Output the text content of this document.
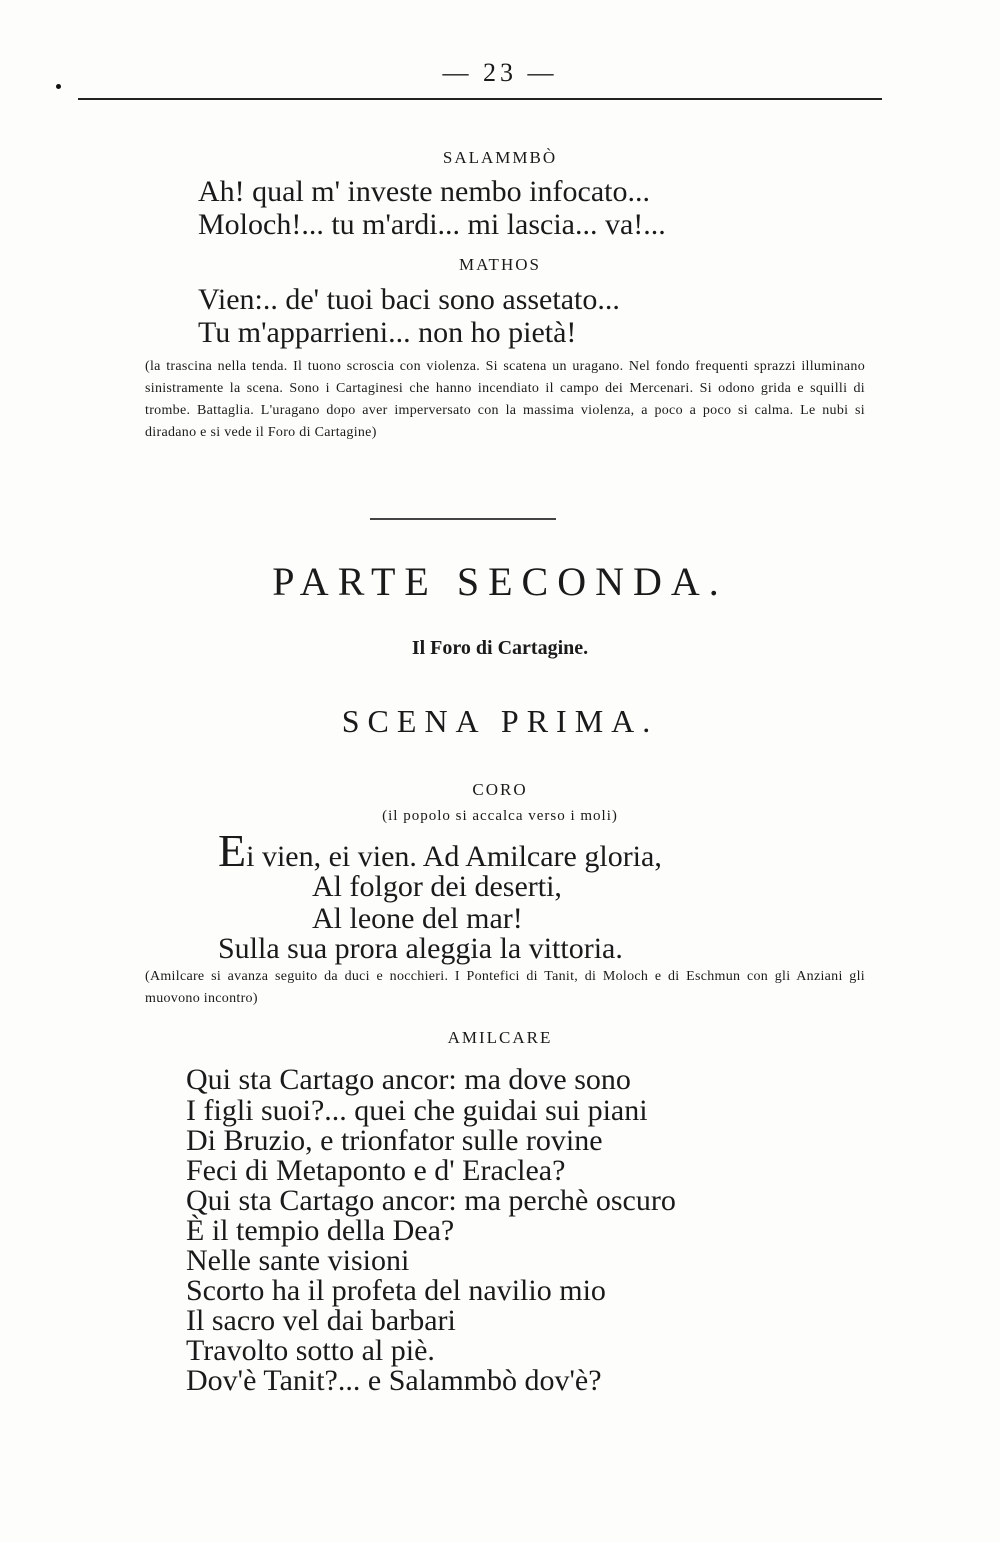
— 23 —
SALAMMBÒ
Ah! qual m' investe nembo infocato...
Moloch!... tu m'ardi... mi lascia... va!...
MATHOS
Vien:.. de' tuoi baci sono assetato...
Tu m'apparrieni... non ho pietà!
(la trascina nella tenda. Il tuono scroscia con violenza. Si scatena un uragano. Nel fondo frequenti sprazzi illuminano sinistramente la scena. Sono i Cartaginesi che hanno incendiato il campo dei Mercenari. Si odono grida e squilli di trombe. Battaglia. L'uragano dopo aver imperversato con la massima violenza, a poco a poco si calma. Le nubi si diradano e si vede il Foro di Cartagine)
PARTE SECONDA.
Il Foro di Cartagine.
SCENA PRIMA.
CORO
(il popolo si accalca verso i moli)
Ei vien, ei vien. Ad Amilcare gloria,
Al folgor dei deserti,
Al leone del mar!
Sulla sua prora aleggia la vittoria.
(Amilcare si avanza seguito da duci e nocchieri. I Pontefici di Tanit, di Moloch e di Eschmun con gli Anziani gli muovono incontro)
AMILCARE
Qui sta Cartago ancor: ma dove sono
I figli suoi?... quei che guidai sui piani
Di Bruzio, e trionfator sulle rovine
Feci di Metaponto e d' Eraclea?
Qui sta Cartago ancor: ma perchè oscuro
È il tempio della Dea?
Nelle sante visioni
Scorto ha il profeta del navilio mio
Il sacro vel dai barbari
Travolto sotto al piè.
Dov'è Tanit?... e Salammbò dov'è?
